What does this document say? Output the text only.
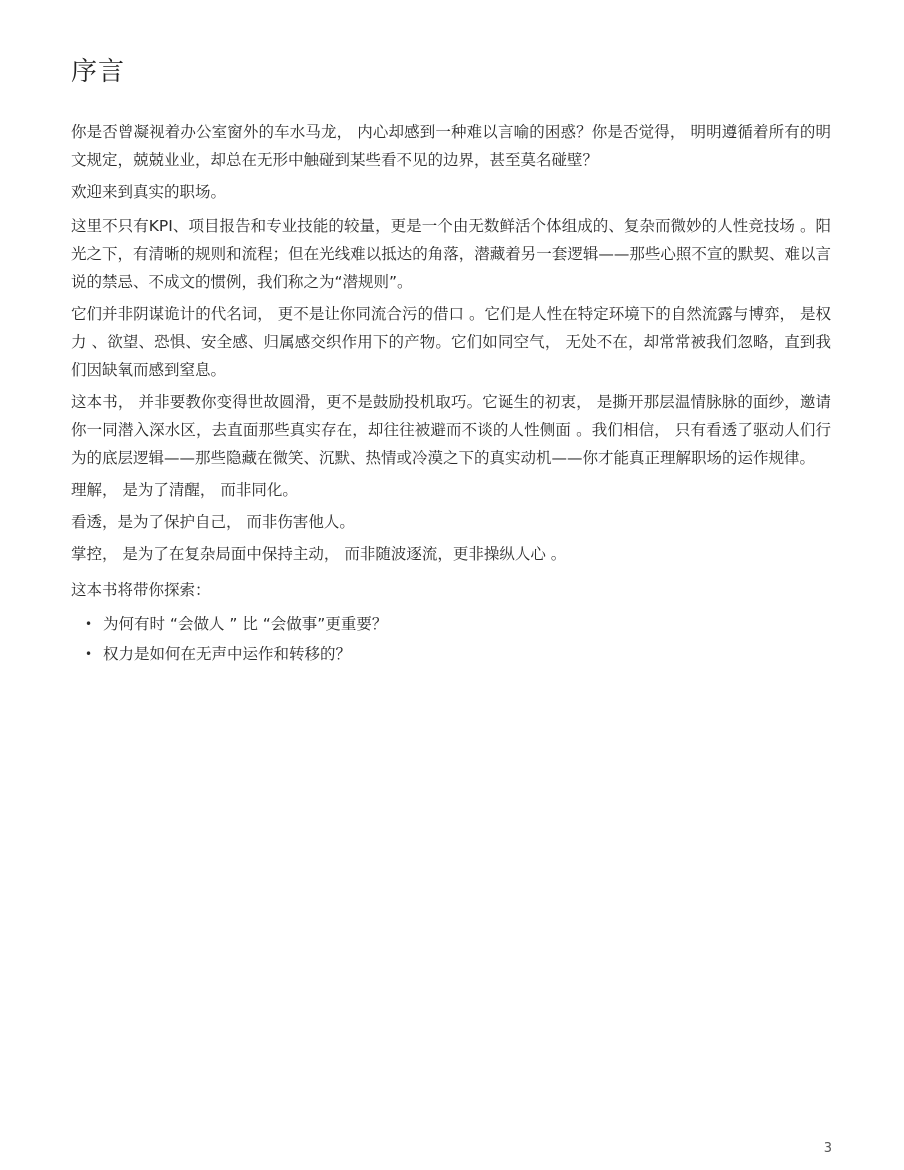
序言

你是否曾凝视着办公室窗外的车水马龙， 内心却感到一种难以言喻的困惑？你是否觉得， 明明遵循着所有的明文规定，兢兢业业，却总在无形中触碰到某些看不见的边界，甚至莫名碰壁？

欢迎来到真实的职场。

这里不只有KPI、项目报告和专业技能的较量，更是一个由无数鲜活个体组成的、复杂而微妙的人性竞技场 。阳光之下，有清晰的规则和流程；但在光线难以抵达的角落，潜藏着另一套逻辑——那些心照不宣的默契、难以言说的禁忌、不成文的惯例，我们称之为“潜规则”。

它们并非阴谋诡计的代名词， 更不是让你同流合污的借口 。它们是人性在特定环境下的自然流露与博弈， 是权力 、欲望、恐惧、安全感、归属感交织作用下的产物。它们如同空气， 无处不在，却常常被我们忽略，直到我们因缺氧而感到窒息。

这本书， 并非要教你变得世故圆滑，更不是鼓励投机取巧。它诞生的初衷， 是撕开那层温情脉脉的面纱，邀请你一同潜入深水区，去直面那些真实存在，却往往被避而不谈的人性侧面 。我们相信， 只有看透了驱动人们行为的底层逻辑——那些隐藏在微笑、沉默、热情或冷漠之下的真实动机——你才能真正理解职场的运作规律。

理解， 是为了清醒， 而非同化。

看透，是为了保护自己， 而非伤害他人。

掌控， 是为了在复杂局面中保持主动， 而非随波逐流，更非操纵人心 。

这本书将带你探索：

• 为何有时 “会做人 ” 比 “会做事”更重要？
• 权力是如何在无声中运作和转移的？
3
